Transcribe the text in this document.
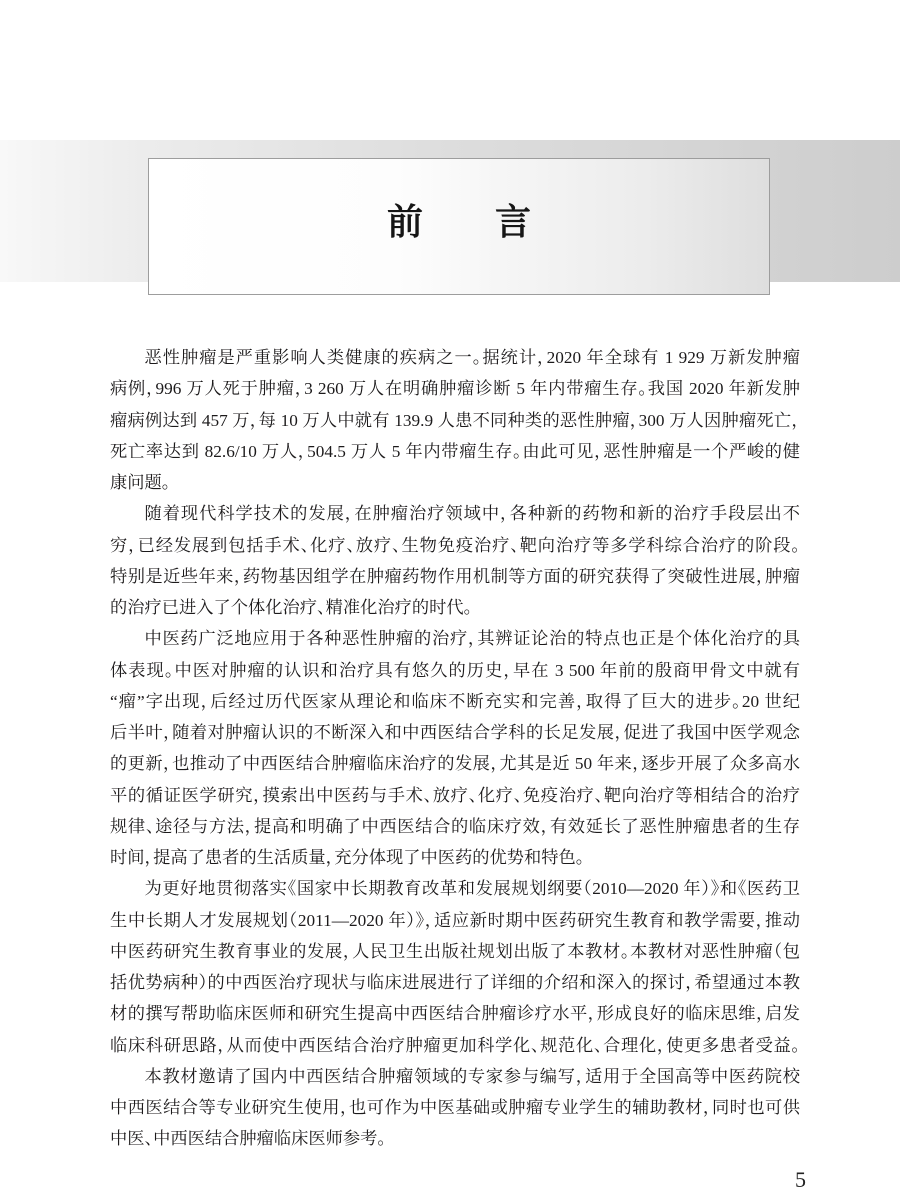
前　　言
恶性肿瘤是严重影响人类健康的疾病之一。据统计，2020 年全球有 1 929 万新发肿瘤
病例，996 万人死于肿瘤，3 260 万人在明确肿瘤诊断 5 年内带瘤生存。我国 2020 年新发肿
瘤病例达到 457 万，每 10 万人中就有 139.9 人患不同种类的恶性肿瘤，300 万人因肿瘤死亡，
死亡率达到 82.6/10 万人，504.5 万人 5 年内带瘤生存。由此可见，恶性肿瘤是一个严峻的健
康问题。
随着现代科学技术的发展，在肿瘤治疗领域中，各种新的药物和新的治疗手段层出不
穷，已经发展到包括手术、化疗、放疗、生物免疫治疗、靶向治疗等多学科综合治疗的阶段。
特别是近些年来，药物基因组学在肿瘤药物作用机制等方面的研究获得了突破性进展，肿瘤
的治疗已进入了个体化治疗、精准化治疗的时代。
中医药广泛地应用于各种恶性肿瘤的治疗，其辨证论治的特点也正是个体化治疗的具
体表现。中医对肿瘤的认识和治疗具有悠久的历史，早在 3 500 年前的殷商甲骨文中就有
“瘤”字出现，后经过历代医家从理论和临床不断充实和完善，取得了巨大的进步。20 世纪
后半叶，随着对肿瘤认识的不断深入和中西医结合学科的长足发展，促进了我国中医学观念
的更新，也推动了中西医结合肿瘤临床治疗的发展，尤其是近 50 年来，逐步开展了众多高水
平的循证医学研究，摸索出中医药与手术、放疗、化疗、免疫治疗、靶向治疗等相结合的治疗
规律、途径与方法，提高和明确了中西医结合的临床疗效，有效延长了恶性肿瘤患者的生存
时间，提高了患者的生活质量，充分体现了中医药的优势和特色。
为更好地贯彻落实《国家中长期教育改革和发展规划纲要（2010—2020 年）》和《医药卫
生中长期人才发展规划（2011—2020 年）》，适应新时期中医药研究生教育和教学需要，推动
中医药研究生教育事业的发展，人民卫生出版社规划出版了本教材。本教材对恶性肿瘤（包
括优势病种）的中西医治疗现状与临床进展进行了详细的介绍和深入的探讨，希望通过本教
材的撰写帮助临床医师和研究生提高中西医结合肿瘤诊疗水平，形成良好的临床思维，启发
临床科研思路，从而使中西医结合治疗肿瘤更加科学化、规范化、合理化，使更多患者受益。
本教材邀请了国内中西医结合肿瘤领域的专家参与编写，适用于全国高等中医药院校
中西医结合等专业研究生使用，也可作为中医基础或肿瘤专业学生的辅助教材，同时也可供
中医、中西医结合肿瘤临床医师参考。
5
